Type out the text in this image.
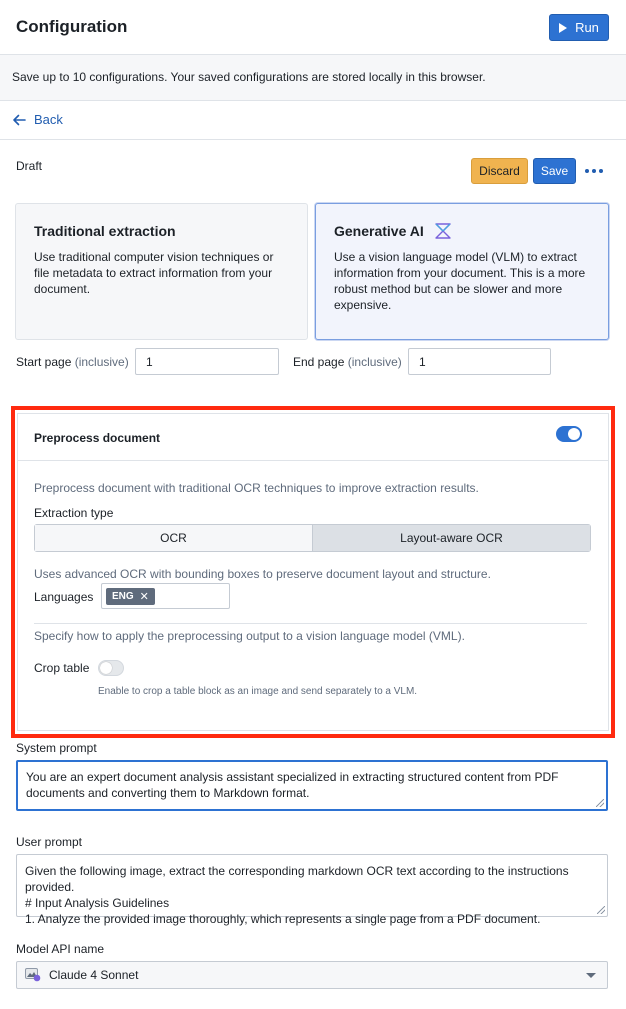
Configuration	Run
Save up to 10 configurations. Your saved configurations are stored locally in this browser.
Back
Draft	Discard	Save
Traditional extraction
Use traditional computer vision techniques or file metadata to extract information from your document.
Generative AI
Use a vision language model (VLM) to extract information from your document. This is a more robust method but can be slower and more expensive.
Start page (inclusive)	1	End page (inclusive)	1
Preprocess document
Preprocess document with traditional OCR techniques to improve extraction results.
Extraction type
OCR	Layout-aware OCR
Uses advanced OCR with bounding boxes to preserve document layout and structure.
Languages ENG ✕
Specify how to apply the preprocessing output to a vision language model (VML).
Crop table
Enable to crop a table block as an image and send separately to a VLM.
System prompt
You are an expert document analysis assistant specialized in extracting structured content from PDF documents and converting them to Markdown format.
User prompt
Given the following image, extract the corresponding markdown OCR text according to the instructions provided.
# Input Analysis Guidelines
1. Analyze the provided image thoroughly, which represents a single page from a PDF document.
Model API name
Claude 4 Sonnet
